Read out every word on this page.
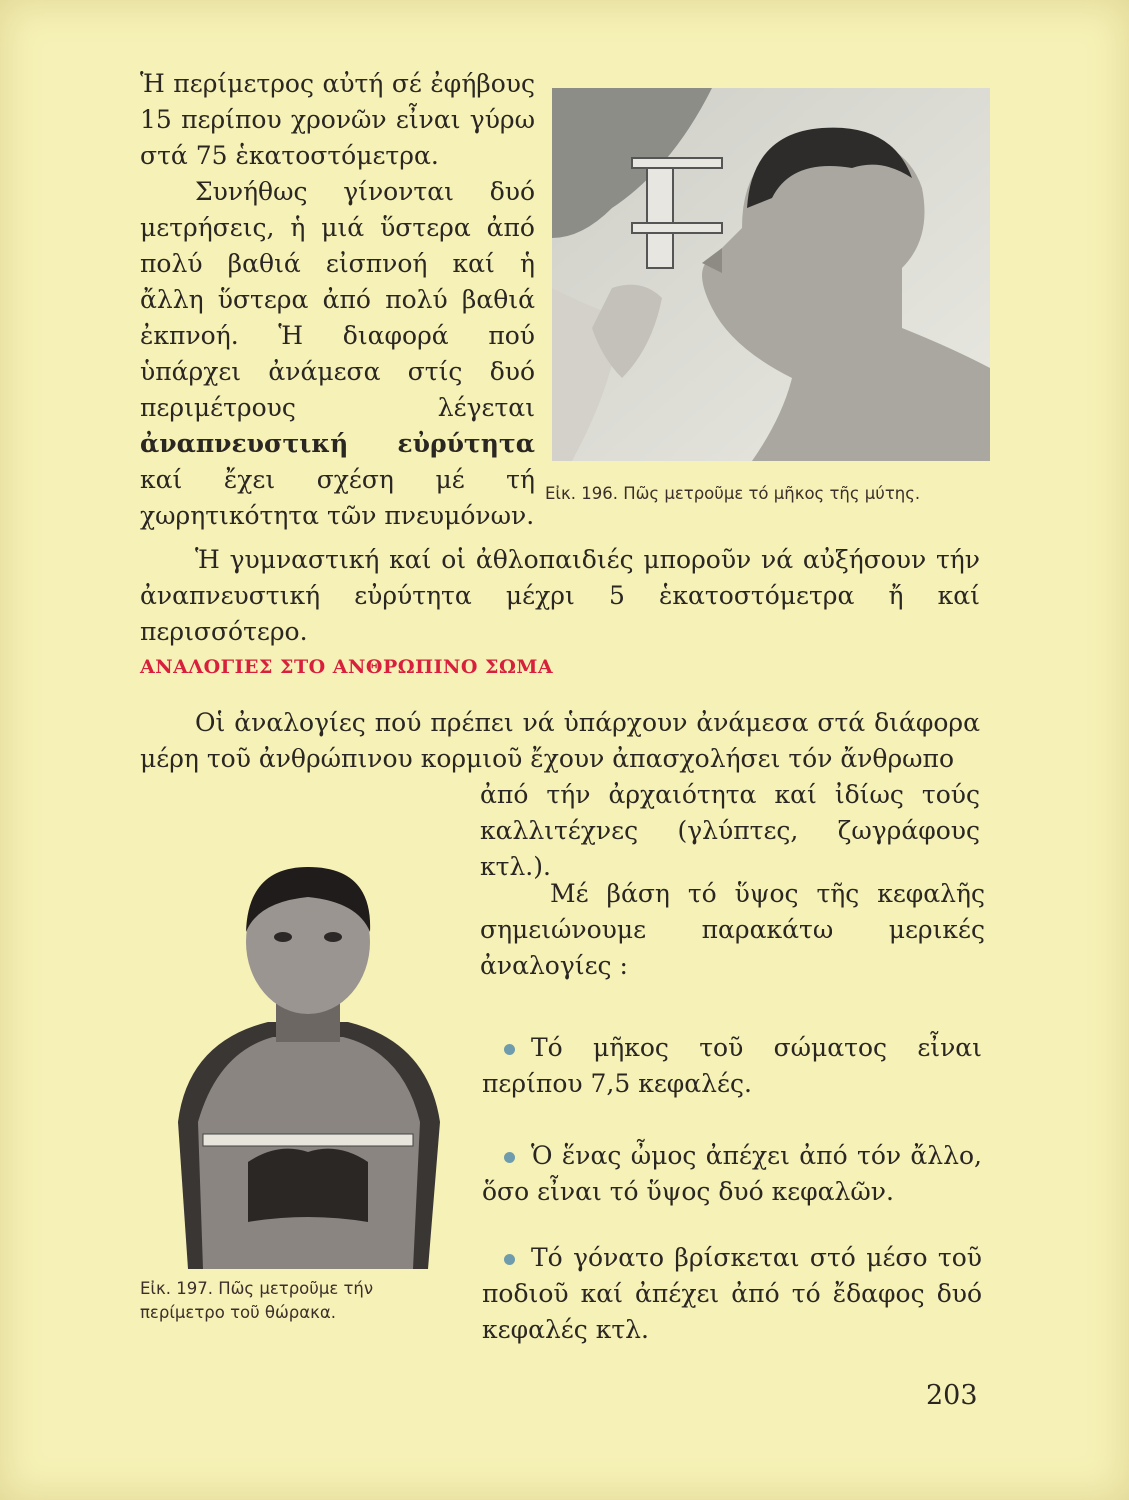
Ἡ περίμετρος αὐτή σέ ἐφήβους 15 περίπου χρονῶν εἶναι γύρω στά 75 ἑκατοστόμετρα.

Συνήθως γίνονται δυό μετρήσεις, ἡ μιά ὕστερα ἀπό πολύ βαθιά εἰσπνοή καί ἡ ἄλλη ὕστερα ἀπό πολύ βαθιά ἐκπνοή. Ἡ διαφορά πού ὑπάρχει ἀνάμεσα στίς δυό περιμέτρους λέγεται ἀναπνευστική εὐρύτητα καί ἔχει σχέση μέ τή χωρητικότητα τῶν πνευμόνων.

Εἰκ. 196. Πῶς μετροῦμε τό μῆκος τῆς μύτης.
Ἡ γυμναστική καί οἱ ἀθλοπαιδιές μποροῦν νά αὐξήσουν τήν ἀναπνευστική εὐρύτητα μέχρι 5 ἑκατοστόμετρα ἤ καί περισσότερο.
ΑΝΑΛΟΓΙΕΣ ΣΤΟ ΑΝΘΡΩΠΙΝΟ ΣΩΜΑ
Οἱ ἀναλογίες πού πρέπει νά ὑπάρχουν ἀνάμεσα στά διάφορα μέρη τοῦ ἀνθρώπινου κορμιοῦ ἔχουν ἀπασχολήσει τόν ἄνθρωπο
ἀπό τήν ἀρχαιότητα καί ἰδίως τούς καλλιτέχνες (γλύπτες, ζωγράφους κτλ.).
Μέ βάση τό ὕψος τῆς κεφαλῆς σημειώνουμε παρακάτω μερικές ἀναλογίες :
Τό μῆκος τοῦ σώματος εἶναι περίπου 7,5 κεφαλές.
Ὁ ἕνας ὦμος ἀπέχει ἀπό τόν ἄλλο, ὅσο εἶναι τό ὕψος δυό κεφαλῶν.
Τό γόνατο βρίσκεται στό μέσο τοῦ ποδιοῦ καί ἀπέχει ἀπό τό ἔδαφος δυό κεφαλές κτλ.
Εἰκ. 197. Πῶς μετροῦμε τήν περίμετρο τοῦ θώρακα.
203
